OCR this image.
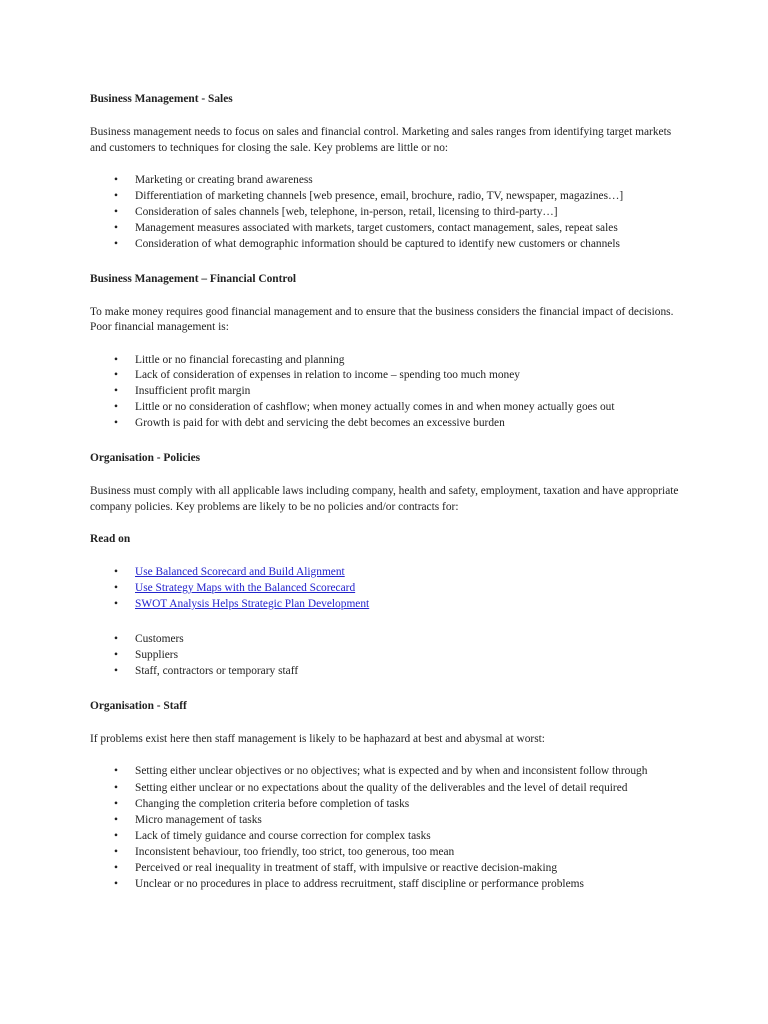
Business Management - Sales

Business management needs to focus on sales and financial control. Marketing and sales ranges from identifying target markets and customers to techniques for closing the sale. Key problems are little or no:

• Marketing or creating brand awareness
• Differentiation of marketing channels [web presence, email, brochure, radio, TV, newspaper, magazines…]
• Consideration of sales channels [web, telephone, in-person, retail, licensing to third-party…]
• Management measures associated with markets, target customers, contact management, sales, repeat sales
• Consideration of what demographic information should be captured to identify new customers or channels

Business Management – Financial Control

To make money requires good financial management and to ensure that the business considers the financial impact of decisions. Poor financial management is:

• Little or no financial forecasting and planning
• Lack of consideration of expenses in relation to income – spending too much money
• Insufficient profit margin
• Little or no consideration of cashflow; when money actually comes in and when money actually goes out
• Growth is paid for with debt and servicing the debt becomes an excessive burden

Organisation - Policies

Business must comply with all applicable laws including company, health and safety, employment, taxation and have appropriate company policies. Key problems are likely to be no policies and/or contracts for:

Read on

• Use Balanced Scorecard and Build Alignment
• Use Strategy Maps with the Balanced Scorecard
• SWOT Analysis Helps Strategic Plan Development
• Customers
• Suppliers
• Staff, contractors or temporary staff

Organisation - Staff

If problems exist here then staff management is likely to be haphazard at best and abysmal at worst:

• Setting either unclear objectives or no objectives; what is expected and by when and inconsistent follow through
• Setting either unclear or no expectations about the quality of the deliverables and the level of detail required
• Changing the completion criteria before completion of tasks
• Micro management of tasks
• Lack of timely guidance and course correction for complex tasks
• Inconsistent behaviour, too friendly, too strict, too generous, too mean
• Perceived or real inequality in treatment of staff, with impulsive or reactive decision-making
• Unclear or no procedures in place to address recruitment, staff discipline or performance problems
